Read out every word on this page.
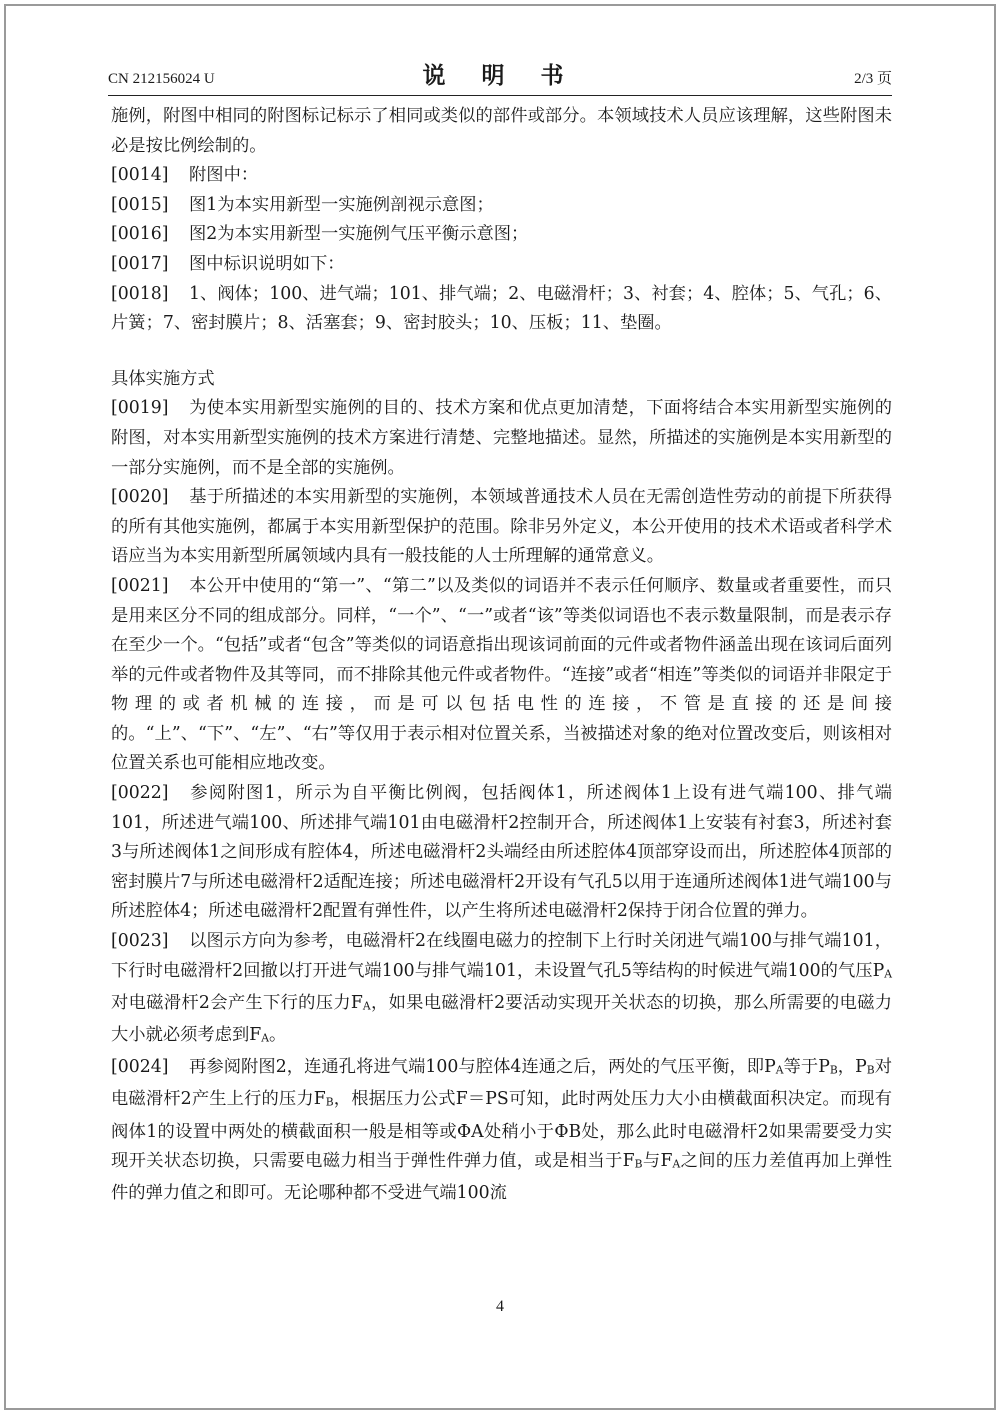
CN 212156024 U	说 明 书	2/3 页

施例，附图中相同的附图标记标示了相同或类似的部件或部分。本领域技术人员应该理解，这些附图未必是按比例绘制的。

[0014] 附图中：

[0015] 图1为本实用新型一实施例剖视示意图；

[0016] 图2为本实用新型一实施例气压平衡示意图；

[0017] 图中标识说明如下：

[0018] 1、阀体；100、进气端；101、排气端；2、电磁滑杆；3、衬套；4、腔体；5、气孔；6、片簧；7、密封膜片；8、活塞套；9、密封胶头；10、压板；11、垫圈。

具体实施方式

[0019] 为使本实用新型实施例的目的、技术方案和优点更加清楚，下面将结合本实用新型实施例的附图，对本实用新型实施例的技术方案进行清楚、完整地描述。显然，所描述的实施例是本实用新型的一部分实施例，而不是全部的实施例。

[0020] 基于所描述的本实用新型的实施例，本领域普通技术人员在无需创造性劳动的前提下所获得的所有其他实施例，都属于本实用新型保护的范围。除非另外定义，本公开使用的技术术语或者科学术语应当为本实用新型所属领域内具有一般技能的人士所理解的通常意义。

[0021] 本公开中使用的“第一”、“第二”以及类似的词语并不表示任何顺序、数量或者重要性，而只是用来区分不同的组成部分。同样，“一个”、“一”或者“该”等类似词语也不表示数量限制，而是表示存在至少一个。“包括”或者“包含”等类似的词语意指出现该词前面的元件或者物件涵盖出现在该词后面列举的元件或者物件及其等同，而不排除其他元件或者物件。“连接”或者“相连”等类似的词语并非限定于物理的或者机械的连接，而是可以包括电性的连接，不管是直接的还是间接的。“上”、“下”、“左”、“右”等仅用于表示相对位置关系，当被描述对象的绝对位置改变后，则该相对位置关系也可能相应地改变。

[0022] 参阅附图1，所示为自平衡比例阀，包括阀体1，所述阀体1上设有进气端100、排气端101，所述进气端100、所述排气端101由电磁滑杆2控制开合，所述阀体1上安装有衬套3，所述衬套3与所述阀体1之间形成有腔体4，所述电磁滑杆2头端经由所述腔体4顶部穿设而出，所述腔体4顶部的密封膜片7与所述电磁滑杆2适配连接；所述电磁滑杆2开设有气孔5以用于连通所述阀体1进气端100与所述腔体4；所述电磁滑杆2配置有弹性件，以产生将所述电磁滑杆2保持于闭合位置的弹力。

[0023] 以图示方向为参考，电磁滑杆2在线圈电磁力的控制下上行时关闭进气端100与排气端101，下行时电磁滑杆2回撤以打开进气端100与排气端101，未设置气孔5等结构的时候进气端100的气压PA对电磁滑杆2会产生下行的压力FA，如果电磁滑杆2要活动实现开关状态的切换，那么所需要的电磁力大小就必须考虑到FA。

[0024] 再参阅附图2，连通孔将进气端100与腔体4连通之后，两处的气压平衡，即PA等于PB，PB对电磁滑杆2产生上行的压力FB，根据压力公式F＝PS可知，此时两处压力大小由横截面积决定。而现有阀体1的设置中两处的横截面积一般是相等或ΦA处稍小于ΦB处，那么此时电磁滑杆2如果需要受力实现开关状态切换，只需要电磁力相当于弹性件弹力值，或是相当于FB与FA之间的压力差值再加上弹性件的弹力值之和即可。无论哪种都不受进气端100流

4
